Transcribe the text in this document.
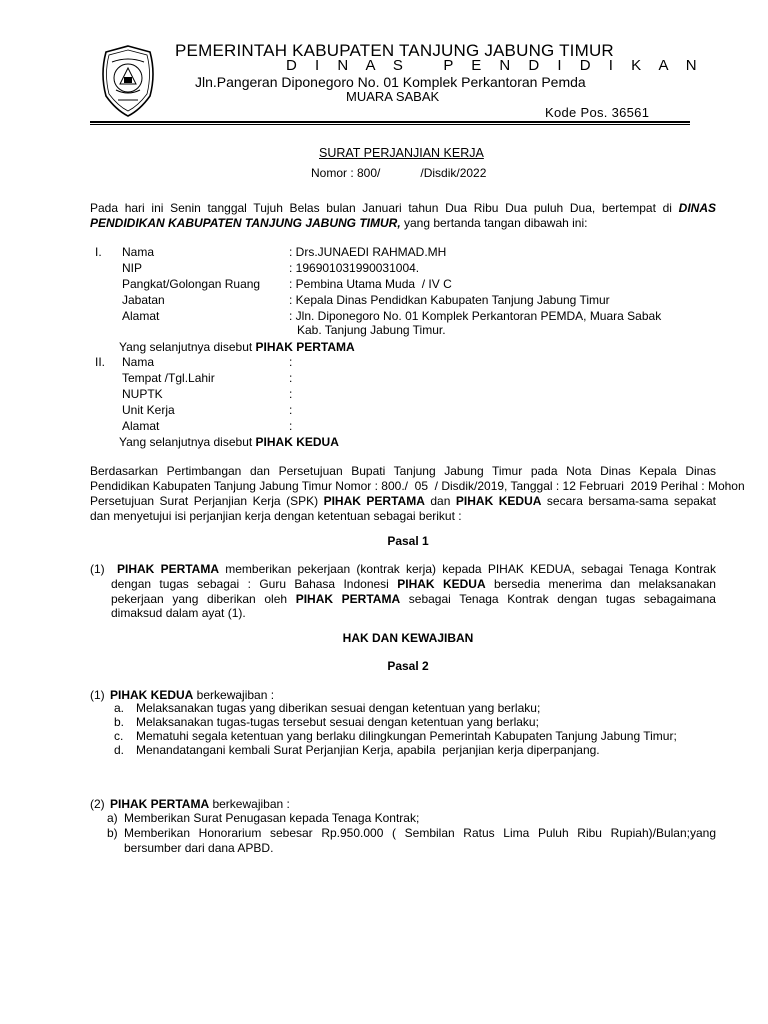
PEMERINTAH KABUPATEN TANJUNG JABUNG TIMUR
D I N A S   P E N D I D I K A N
Jln.Pangeran Diponegoro No. 01 Komplek Perkantoran Pemda
MUARA SABAK
Kode Pos. 36561
SURAT PERJANJIAN KERJA
Nomor : 800/            /Disdik/2022
Pada hari ini Senin tanggal Tujuh Belas bulan Januari tahun Dua Ribu Dua puluh Dua, bertempat di DINAS
PENDIDIKAN KABUPATEN TANJUNG JABUNG TIMUR, yang bertanda tangan dibawah ini:
I. Nama	: Drs.JUNAEDI RAHMAD.MH
NIP	: 196901031990031004.
Pangkat/Golongan Ruang : Pembina Utama Muda  / IV C
Jabatan	: Kepala Dinas Pendidkan Kabupaten Tanjung Jabung Timur
Alamat	: Jln. Diponegoro No. 01 Komplek Perkantoran PEMDA, Muara Sabak
Kab. Tanjung Jabung Timur.
Yang selanjutnya disebut PIHAK PERTAMA
II. Nama	:
Tempat /Tgl.Lahir	:
NUPTK	:
Unit Kerja	:
Alamat	:
Yang selanjutnya disebut PIHAK KEDUA
Berdasarkan Pertimbangan dan Persetujuan Bupati Tanjung Jabung Timur pada Nota Dinas Kepala Dinas
Pendidikan Kabupaten Tanjung Jabung Timur Nomor : 800./  05  / Disdik/2019, Tanggal : 12 Februari  2019 Perihal : Mohon
Persetujuan Surat Perjanjian Kerja (SPK) PIHAK PERTAMA dan PIHAK KEDUA secara bersama-sama sepakat
dan menyetujui isi perjanjian kerja dengan ketentuan sebagai berikut :
Pasal 1
(1) PIHAK PERTAMA memberikan pekerjaan (kontrak kerja) kepada PIHAK KEDUA, sebagai Tenaga Kontrak
dengan tugas sebagai : Guru Bahasa Indonesi PIHAK KEDUA bersedia menerima dan melaksanakan
pekerjaan yang diberikan oleh PIHAK PERTAMA sebagai Tenaga Kontrak dengan tugas sebagaimana
dimaksud dalam ayat (1).
HAK DAN KEWAJIBAN
Pasal 2
(1) PIHAK KEDUA berkewajiban :
a. Melaksanakan tugas yang diberikan sesuai dengan ketentuan yang berlaku;
b. Melaksanakan tugas-tugas tersebut sesuai dengan ketentuan yang berlaku;
c. Mematuhi segala ketentuan yang berlaku dilingkungan Pemerintah Kabupaten Tanjung Jabung Timur;
d. Menandatangani kembali Surat Perjanjian Kerja, apabila  perjanjian kerja diperpanjang.
(2) PIHAK PERTAMA berkewajiban :
a) Memberikan Surat Penugasan kepada Tenaga Kontrak;
b) Memberikan Honorarium sebesar Rp.950.000 ( Sembilan Ratus Lima Puluh Ribu Rupiah)/Bulan;yang
bersumber dari dana APBD.
